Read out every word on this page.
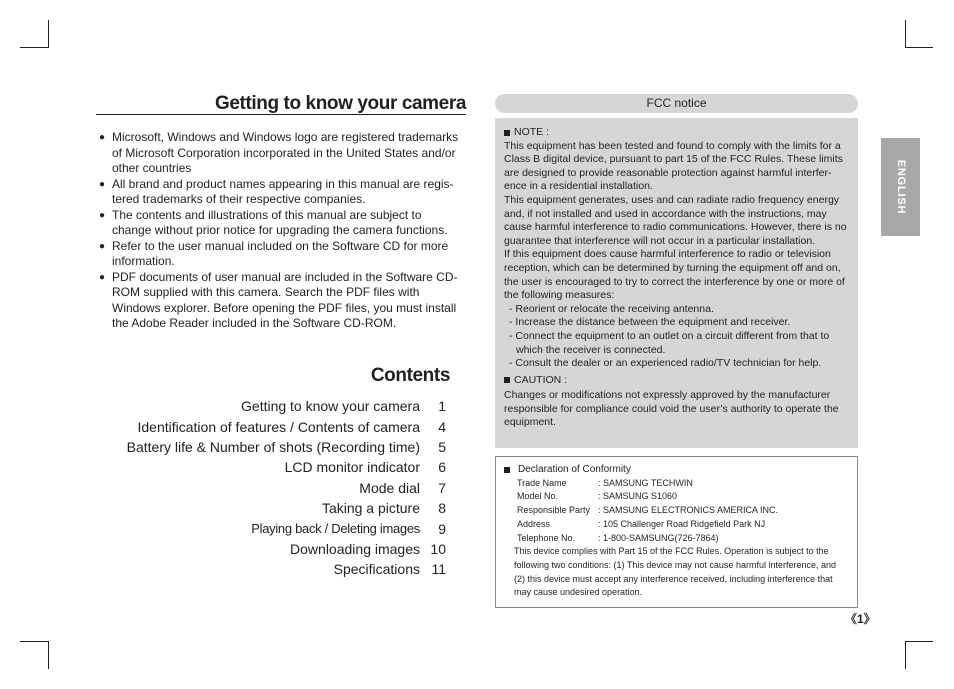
Getting to know your camera
● Microsoft, Windows and Windows logo are registered trademarks of Microsoft Corporation incorporated in the United States and/or other countries
● All brand and product names appearing in this manual are regis- tered trademarks of their respective companies.
● The contents and illustrations of this manual are subject to change without prior notice for upgrading the camera functions.
● Refer to the user manual included on the Software CD for more information.
● PDF documents of user manual are included in the Software CD-ROM supplied with this camera. Search the PDF files with Windows explorer. Before opening the PDF files, you must install the Adobe Reader included in the Software CD-ROM.
Contents
Getting to know your camera	1
Identification of features / Contents of camera	4
Battery life & Number of shots (Recording time)	5
LCD monitor indicator	6
Mode dial	7
Taking a picture	8
Playing back / Deleting images	9
Downloading images 10
Specifications 11
FCC notice
NOTE :

This equipment has been tested and found to comply with the limits for a Class B digital device, pursuant to part 15 of the FCC Rules. These limits are designed to provide reasonable protection against harmful interfer- ence in a residential installation.

This equipment generates, uses and can radiate radio frequency energy and, if not installed and used in accordance with the instructions, may cause harmful interference to radio communications. However, there is no guarantee that interference will not occur in a particular installation.

If this equipment does cause harmful interference to radio or television reception, which can be determined by turning the equipment off and on, the user is encouraged to try to correct the interference by one or more of the following measures:

- Reorient or relocate the receiving antenna.

- Increase the distance between the equipment and receiver.

- Connect the equipment to an outlet on a circuit different from that to

which the receiver is connected.

- Consult the dealer or an experienced radio/TV technician for help.

CAUTION :

Changes or modifications not expressly approved by the manufacturer responsible for compliance could void the user’s authority to operate the equipment.

Declaration of Conformity
Trade Name	: SAMSUNG TECHWIN
Model No.	: SAMSUNG S1060
Responsible Party	: SAMSUNG ELECTRONICS AMERICA INC.
Address	: 105 Challenger Road Ridgefield Park NJ
Telephone No.	: 1-800-SAMSUNG(726-7864)

This device complies with Part 15 of the FCC Rules. Operation is subject to the following two conditions: (1) This device may not cause harmful interference, and (2) this device must accept any interference received, including interference that may cause undesired operation.

ENGLISH
《1》
